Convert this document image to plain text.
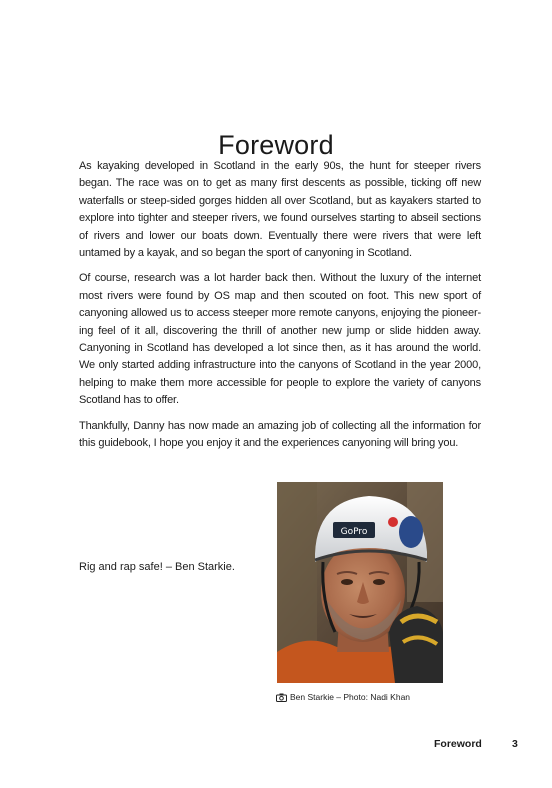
Foreword

As kayaking developed in Scotland in the early 90s, the hunt for steeper rivers began. The race was on to get as many first descents as possible, ticking off new waterfalls or steep-sided gorges hidden all over Scotland, but as kayakers started to explore into tighter and steeper rivers, we found ourselves starting to abseil sections of rivers and lower our boats down. Eventually there were rivers that were left untamed by a kayak, and so began the sport of canyoning in Scotland.

Of course, research was a lot harder back then. Without the luxury of the internet most rivers were found by OS map and then scouted on foot. This new sport of canyoning allowed us to access steeper more remote canyons, enjoying the pioneer-ing feel of it all, discovering the thrill of another new jump or slide hidden away. Canyoning in Scotland has developed a lot since then, as it has around the world. We only started adding infrastructure into the canyons of Scotland in the year 2000, helping to make them more accessible for people to explore the variety of canyons Scotland has to offer.

Thankfully, Danny has now made an amazing job of collecting all the information for this guidebook, I hope you enjoy it and the experiences canyoning will bring you.

Rig and rap safe! – Ben Starkie.
GoPro
Ben Starkie – Photo: Nadi Khan
Foreword	3
